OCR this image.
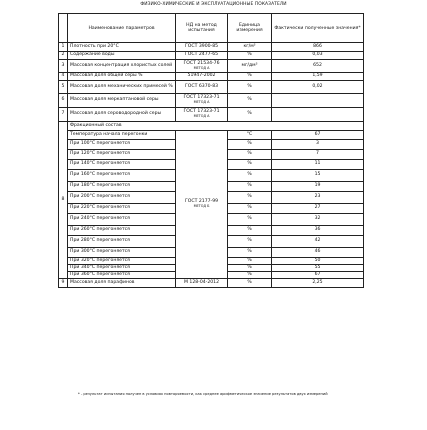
ФИЗИКО-ХИМИЧЕСКИЕ И ЭКСПЛУАТАЦИОННЫЕ ПОКАЗАТЕЛИ
	Наименование параметров	НД на метод испытания	Единица измерения	Фактически полученные значения*
1	Плотность при 20°С	ГОСТ 3900-85	кг/м³	866
2	Содержание воды	ГОСТ 2477-65	%	0,03
3	Массовая концентрация хлористых солей	ГОСТ 21534-76
МЕТОД А	мг/дм³	652
4	Массовая доля общей серы %	51947-2002	%	1,59
5	Массовая доля механических примесей %	ГОСТ 6370-83	%	0,02
6	Массовая доля меркаптановой серы	ГОСТ 17323-71
МЕТОД А	%	
7	Массовая доля сероводородной серы	ГОСТ 17323-71
МЕТОД А	%	
8	Фракционный состав			
	Температура начала перегонки	ГОСТ 2177-99

МЕТОД Б	°С	67
	При 100°С перегоняется		%	3
	При 120°С перегоняется		%	7
	При 140°С перегоняется		%	11
	При 160°С перегоняется		%	15
	При 180°С перегоняется		%	19
	При 200°С перегоняется		%	23
	При 220°С перегоняется		%	27
	При 240°С перегоняется		%	32
	При 260°С перегоняется		%	36
	При 280°С перегоняется		%	42
	При 300°С перегоняется		%	46
	При 320°С перегоняется		%	50
	При 340°С перегоняется		%	55
	При 360°С перегоняется		%	67
9	Массовая доля парафинов	М 128-04-2012	%	2,25
* - результат испытания получен в условиях повторяемости, как среднее арифметическое значение результатов двух измерений
